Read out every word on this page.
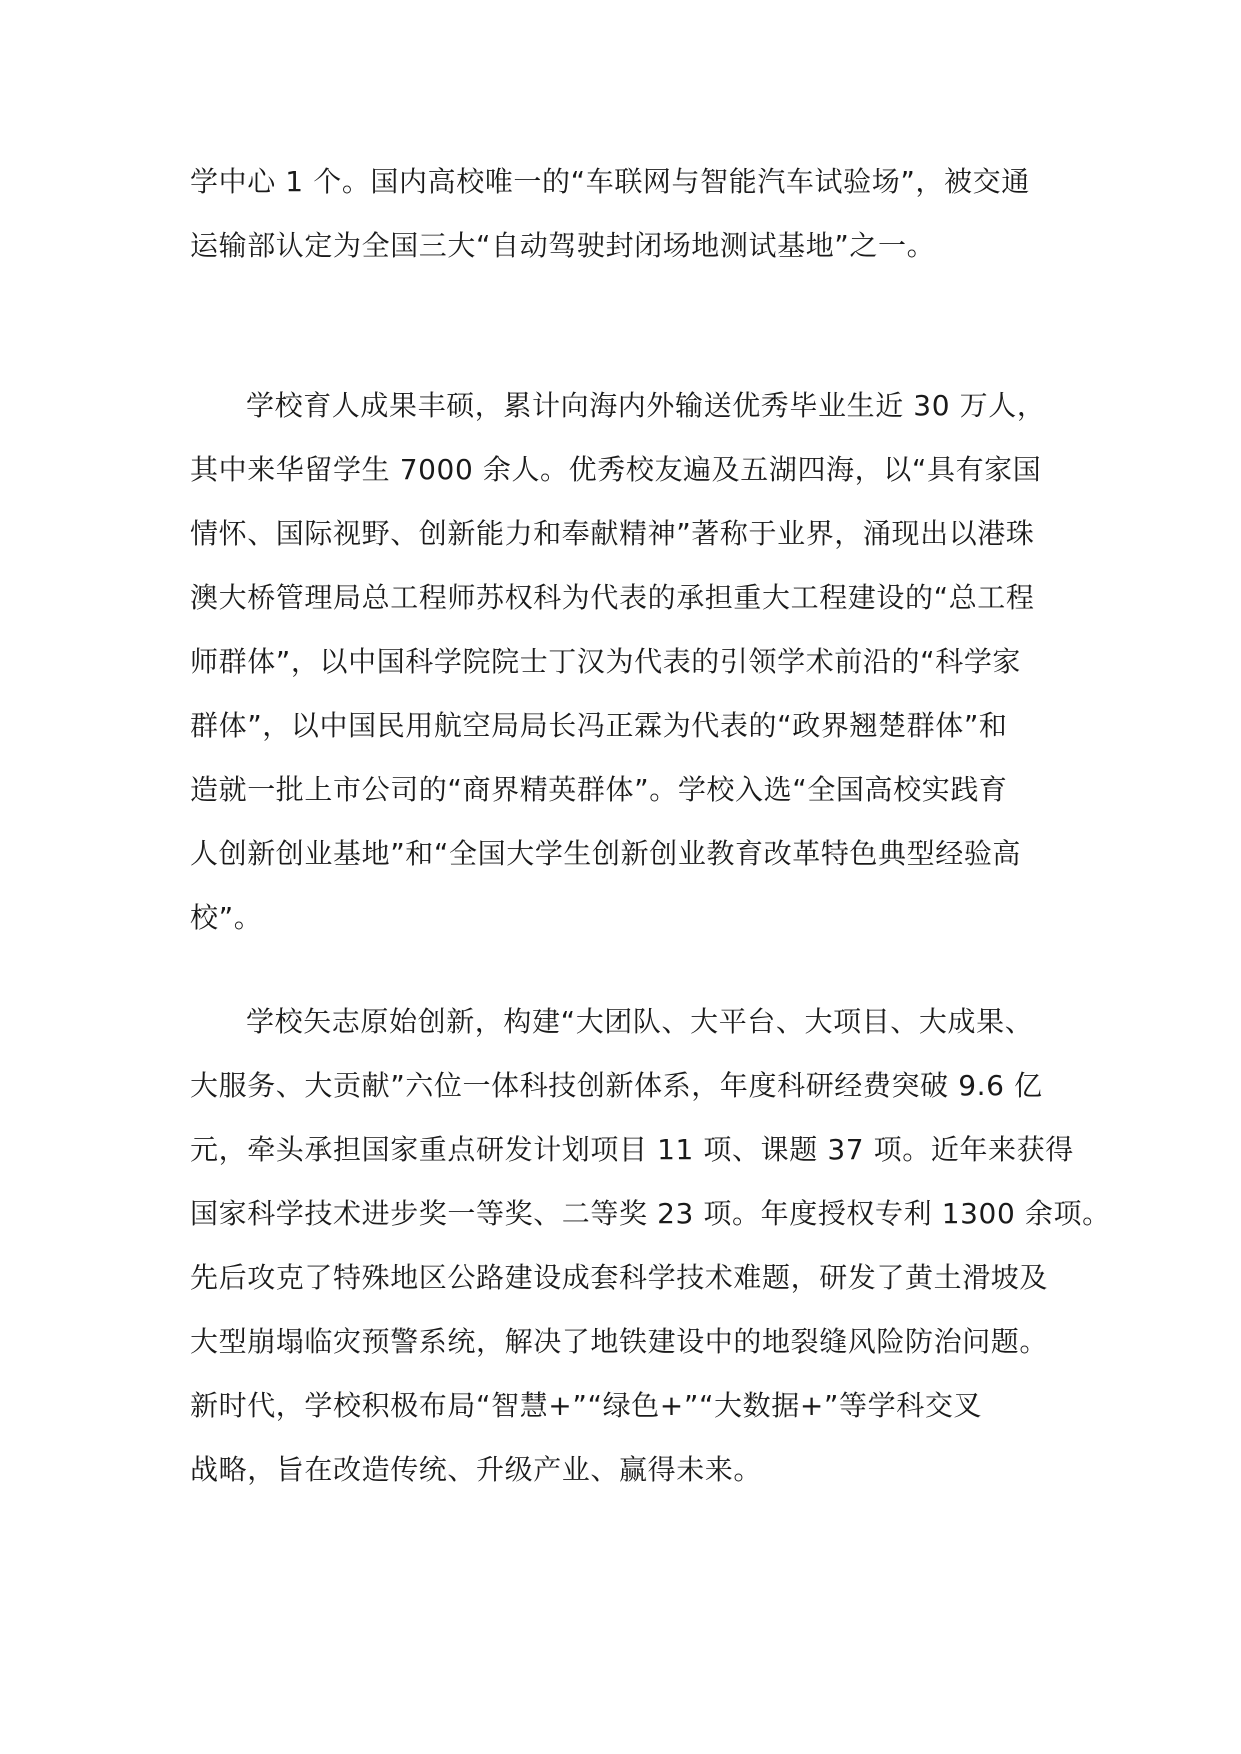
学中心 1 个。国内高校唯一的“车联网与智能汽车试验场”，被交通
运输部认定为全国三大“自动驾驶封闭场地测试基地”之一。

学校育人成果丰硕，累计向海内外输送优秀毕业生近 30 万人，
其中来华留学生 7000 余人。优秀校友遍及五湖四海，以“具有家国
情怀、国际视野、创新能力和奉献精神”著称于业界，涌现出以港珠
澳大桥管理局总工程师苏权科为代表的承担重大工程建设的“总工程
师群体”，以中国科学院院士丁汉为代表的引领学术前沿的“科学家
群体”，以中国民用航空局局长冯正霖为代表的“政界翘楚群体”和
造就一批上市公司的“商界精英群体”。学校入选“全国高校实践育
人创新创业基地”和“全国大学生创新创业教育改革特色典型经验高
校”。

学校矢志原始创新，构建“大团队、大平台、大项目、大成果、
大服务、大贡献”六位一体科技创新体系，年度科研经费突破 9.6 亿
元，牵头承担国家重点研发计划项目 11 项、课题 37 项。近年来获得
国家科学技术进步奖一等奖、二等奖 23 项。年度授权专利 1300 余项。
先后攻克了特殊地区公路建设成套科学技术难题，研发了黄土滑坡及
大型崩塌临灾预警系统，解决了地铁建设中的地裂缝风险防治问题。
新时代，学校积极布局“智慧+”“绿色+”“大数据+”等学科交叉
战略，旨在改造传统、升级产业、赢得未来。
